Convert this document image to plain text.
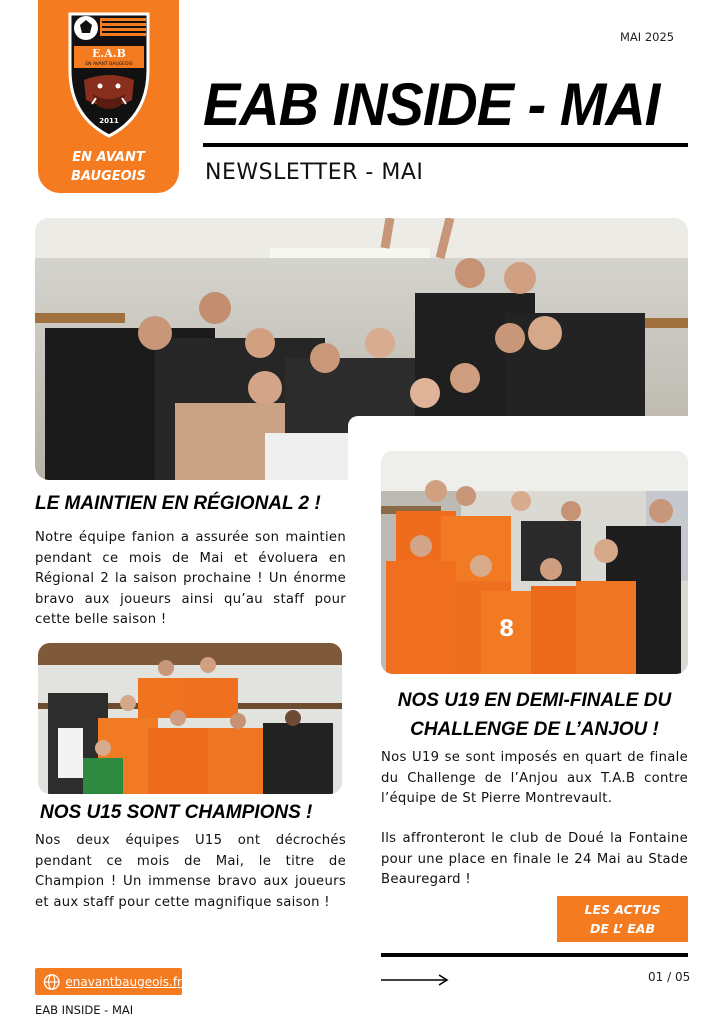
E.A.B
EN AVANT BAUGEOIS
2011
EN AVANT
BAUGEOIS
MAI 2025
EAB INSIDE - MAI
NEWSLETTER - MAI
8
LE MAINTIEN EN RÉGIONAL 2 !
Notre équipe fanion a assurée son maintien pendant ce mois de Mai et évoluera en Régional 2 la saison prochaine ! Un énorme bravo aux joueurs ainsi qu’au staff pour cette belle saison !
NOS U15 SONT CHAMPIONS !
Nos deux équipes U15 ont décrochés pendant ce mois de Mai, le titre de Champion ! Un immense bravo aux joueurs et aux staff pour cette magnifique saison !
NOS U19 EN DEMI-FINALE DU
CHALLENGE DE L’ANJOU !
Nos U19 se sont imposés en quart de finale du Challenge de l’Anjou aux T.A.B contre l’équipe de St Pierre Montrevault.
Ils affronteront le club de Doué la Fontaine pour une place en finale le 24 Mai au Stade Beauregard !
LES ACTUS
DE L’ EAB
01 / 05
enavantbaugeois.fr
EAB INSIDE - MAI
